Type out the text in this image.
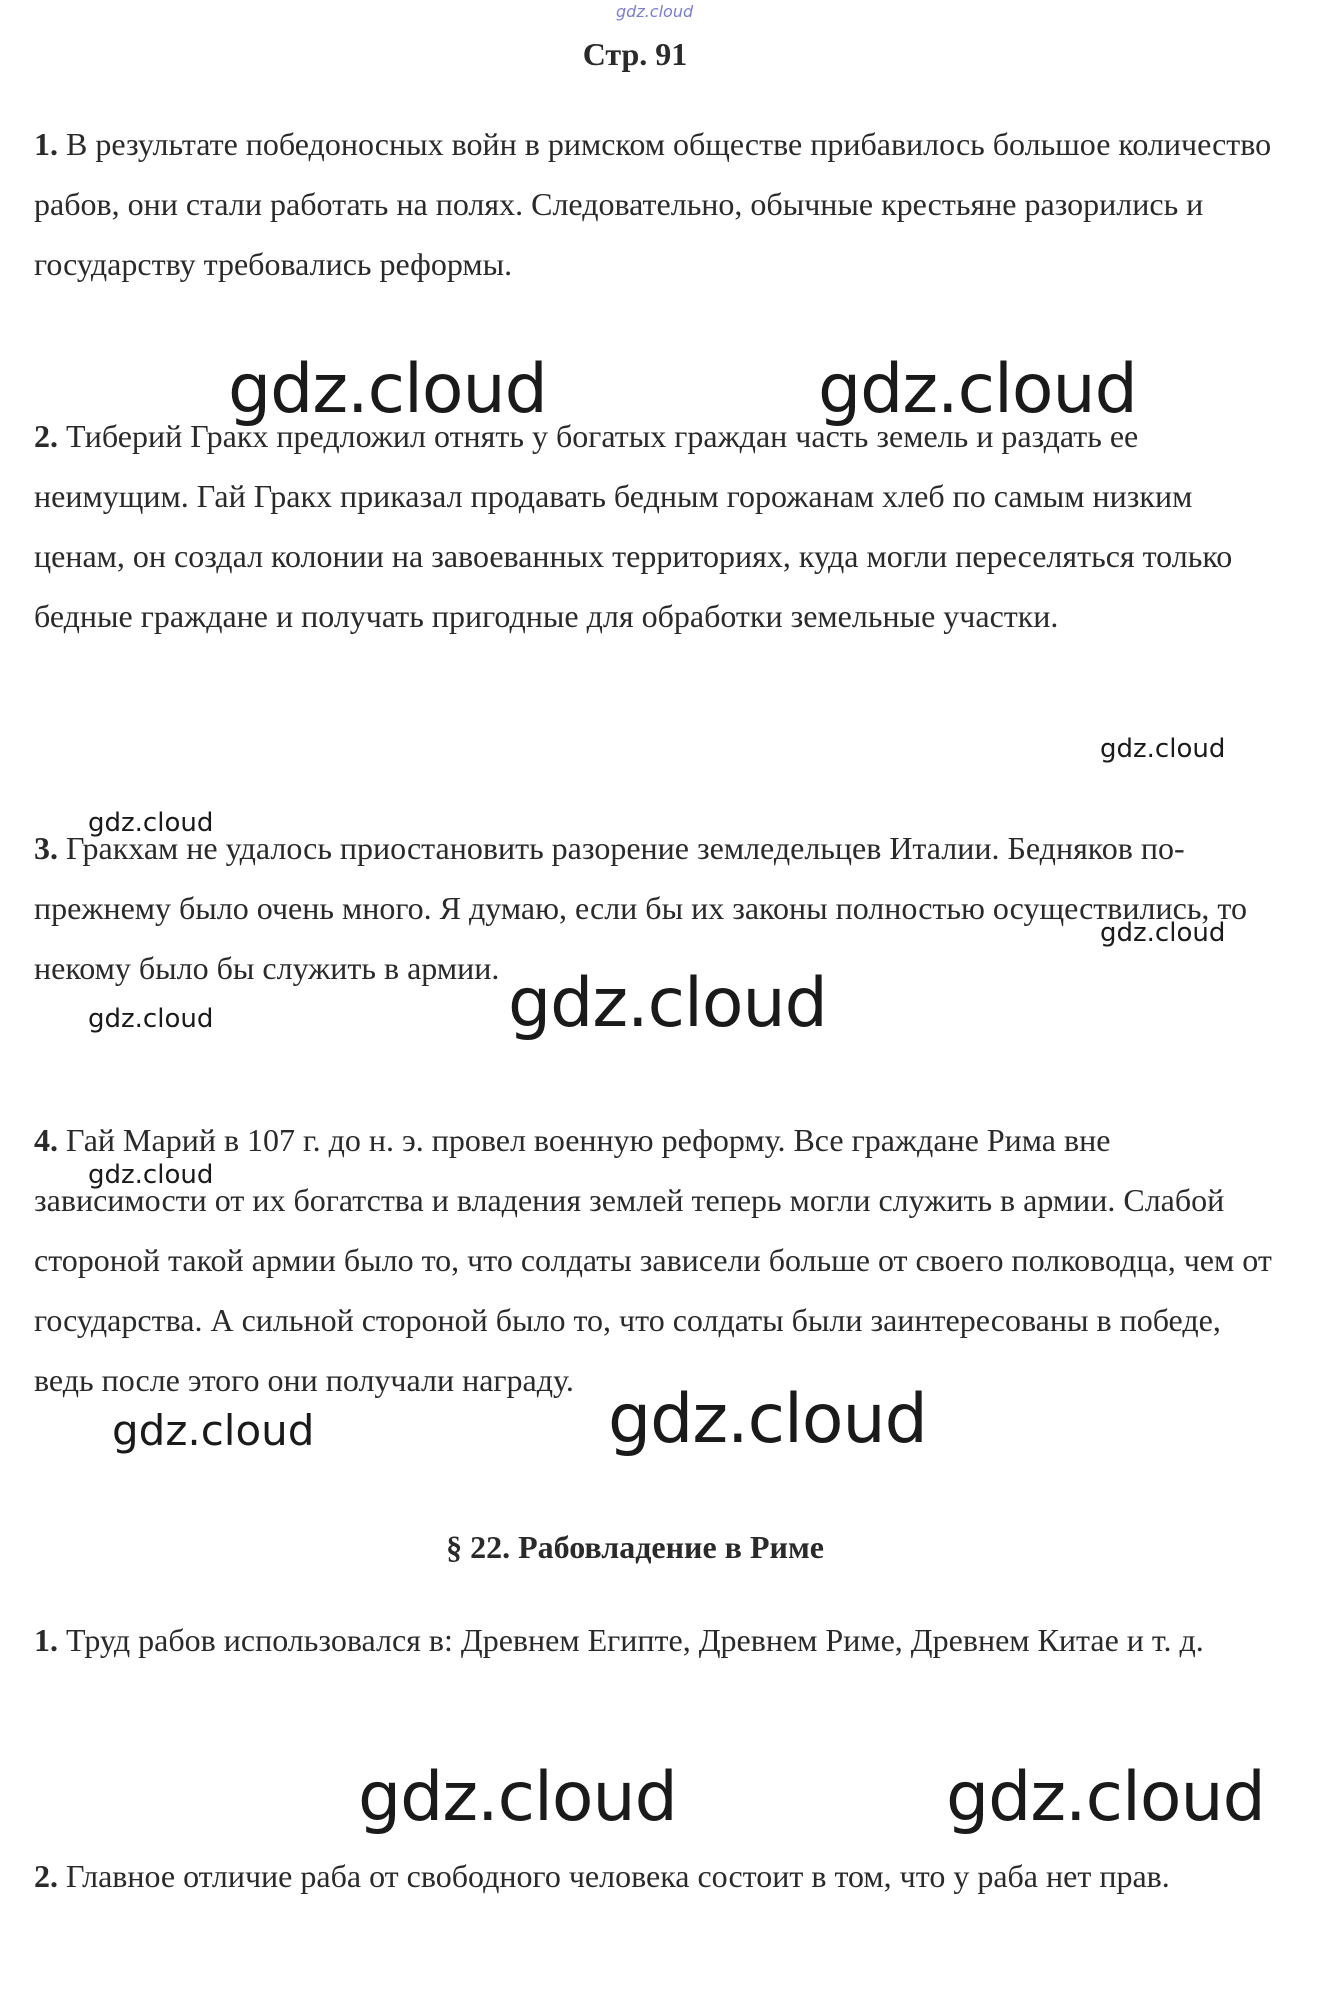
gdz.cloud
Стр. 91

1. В результате победоносных войн в римском обществе прибавилось большое количество рабов, они стали работать на полях. Следовательно, обычные крестьяне разорились и государству требовались реформы.

2. Тиберий Гракх предложил отнять у богатых граждан часть земель и раздать ее неимущим. Гай Гракх приказал продавать бедным горожанам хлеб по самым низким ценам, он создал колонии на завоеванных территориях, куда могли переселяться только бедные граждане и получать пригодные для обработки земельные участки.

3. Гракхам не удалось приостановить разорение земледельцев Италии. Бедняков по-прежнему было очень много. Я думаю, если бы их законы полностью осуществились, то некому было бы служить в армии.

4. Гай Марий в 107 г. до н. э. провел военную реформу. Все граждане Рима вне зависимости от их богатства и владения землей теперь могли служить в армии. Слабой стороной такой армии было то, что солдаты зависели больше от своего полководца, чем от государства. А сильной стороной было то, что солдаты были заинтересованы в победе, ведь после этого они получали награду.

§ 22. Рабовладение в Риме

1. Труд рабов использовался в: Древнем Египте, Древнем Риме, Древнем Китае и т. д.

2. Главное отличие раба от свободного человека состоит в том, что у раба нет прав.

gdz.cloud	gdz.cloud
gdz.cloud
gdz.cloud
gdz.cloud
gdz.cloud	gdz.cloud
gdz.cloud
gdz.cloud	gdz.cloud
gdz.cloud	gdz.cloud
